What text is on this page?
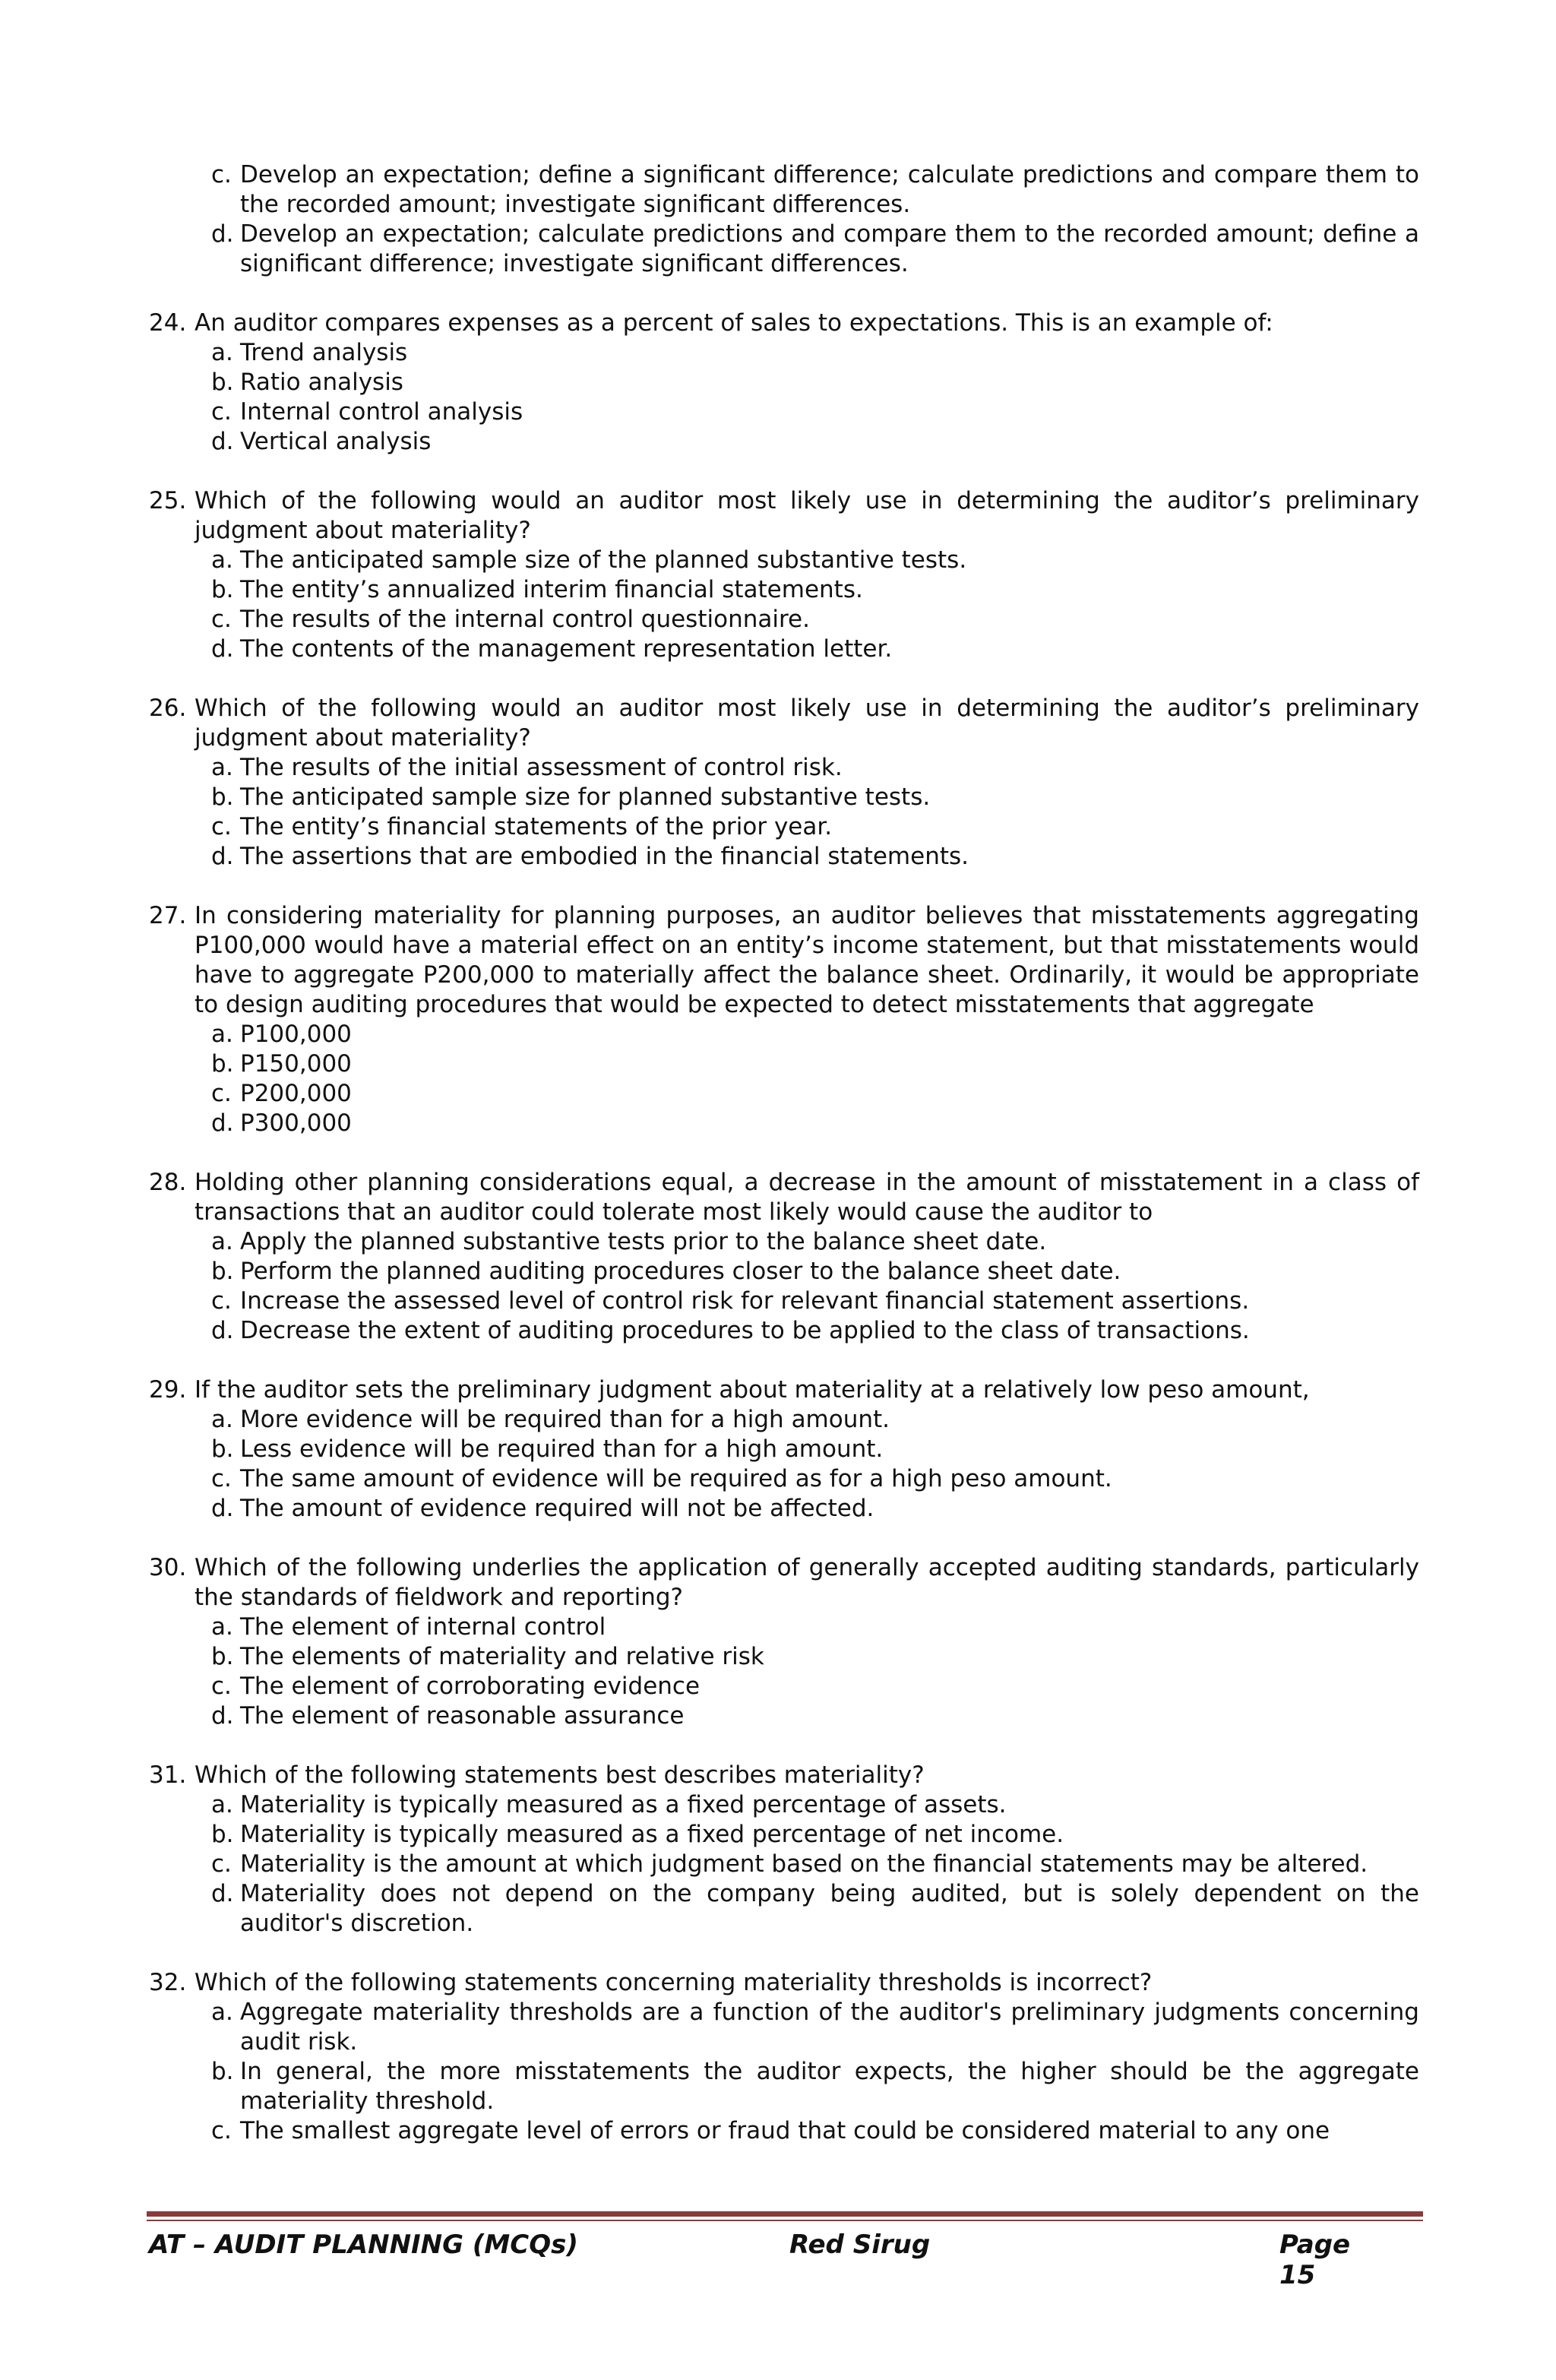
c. Develop an expectation; define a significant difference; calculate predictions and compare them to the recorded amount; investigate significant differences.
d. Develop an expectation; calculate predictions and compare them to the recorded amount; define a significant difference; investigate significant differences.
24. An auditor compares expenses as a percent of sales to expectations. This is an example of:
a. Trend analysis
b. Ratio analysis
c. Internal control analysis
d. Vertical analysis
25. Which of the following would an auditor most likely use in determining the auditor’s preliminary judgment about materiality?
a. The anticipated sample size of the planned substantive tests.
b. The entity’s annualized interim financial statements.
c. The results of the internal control questionnaire.
d. The contents of the management representation letter.
26. Which of the following would an auditor most likely use in determining the auditor’s preliminary judgment about materiality?
a. The results of the initial assessment of control risk.
b. The anticipated sample size for planned substantive tests.
c. The entity’s financial statements of the prior year.
d. The assertions that are embodied in the financial statements.
27. In considering materiality for planning purposes, an auditor believes that misstatements aggregating P100,000 would have a material effect on an entity’s income statement, but that misstatements would have to aggregate P200,000 to materially affect the balance sheet. Ordinarily, it would be appropriate to design auditing procedures that would be expected to detect misstatements that aggregate
a. P100,000
b. P150,000
c. P200,000
d. P300,000
28. Holding other planning considerations equal, a decrease in the amount of misstatement in a class of transactions that an auditor could tolerate most likely would cause the auditor to
a. Apply the planned substantive tests prior to the balance sheet date.
b. Perform the planned auditing procedures closer to the balance sheet date.
c. Increase the assessed level of control risk for relevant financial statement assertions.
d. Decrease the extent of auditing procedures to be applied to the class of transactions.
29. If the auditor sets the preliminary judgment about materiality at a relatively low peso amount,
a. More evidence will be required than for a high amount.
b. Less evidence will be required than for a high amount.
c. The same amount of evidence will be required as for a high peso amount.
d. The amount of evidence required will not be affected.
30. Which of the following underlies the application of generally accepted auditing standards, particularly the standards of fieldwork and reporting?
a. The element of internal control
b. The elements of materiality and relative risk
c. The element of corroborating evidence
d. The element of reasonable assurance
31. Which of the following statements best describes materiality?
a. Materiality is typically measured as a fixed percentage of assets.
b. Materiality is typically measured as a fixed percentage of net income.
c. Materiality is the amount at which judgment based on the financial statements may be altered.
d. Materiality does not depend on the company being audited, but is solely dependent on the auditor's discretion.
32. Which of the following statements concerning materiality thresholds is incorrect?
a. Aggregate materiality thresholds are a function of the auditor's preliminary judgments concerning audit risk.
b. In general, the more misstatements the auditor expects, the higher should be the aggregate materiality threshold.
c. The smallest aggregate level of errors or fraud that could be considered material to any one
AT – AUDIT PLANNING (MCQs)	Red Sirug	Page 15
